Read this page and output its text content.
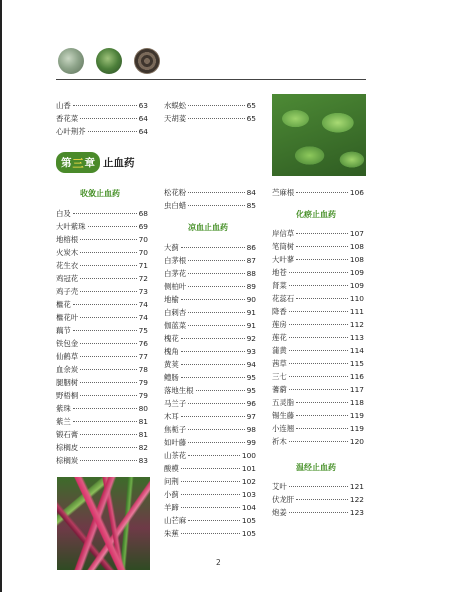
第 三 章 止血药
山香	63
香花菜	64
心叶荆芥	64
收敛止血药
白及	68
大叶紫珠	69
地榕根	70
火炭木	70
花生衣	71
鸡冠花	72
鸡子壳	73
檵花	74
檵花叶	74
藕节	75
铁包金	76
仙鹤草	77
血余炭	78
腿胭树	79
野梧桐	79
紫珠	80
紫兰	81
锻石膏	81
棕榈皮	82
棕榈炭	83
水蜈蚣	65
天胡荽	65
松花粉	84
虫白蜡	85
凉血止血药
大蓟	86
白茅根	87
白茅花	88
侧柏叶	89
地榆	90
白刺杏	91
伽蓝菜	91
槐花	92
槐角	93
黄荚	94
鳢肠	95
落地生根	95
马兰子	96
木耳	97
焦栀子	98
如叶藤	99
山茶花	100
酸模	101
问荆	102
小蓟	103
羊蹄	104
山芒麻	105
朱蕉	105
苎麻根	106
化瘀止血药
岸信草	107
笔筒树	108
大叶蓼	108
地苍	109
肾菜	109
花蕊石	110
降香	111
莲房	112
莲花	113
蒲黄	114
茜草	115
三七	116
蓍藭	117
五灵脂	118
锡生藤	119
小连翘	119
祈木	120
温经止血药
艾叶	121
伏龙肝	122
炮姜	123
2
